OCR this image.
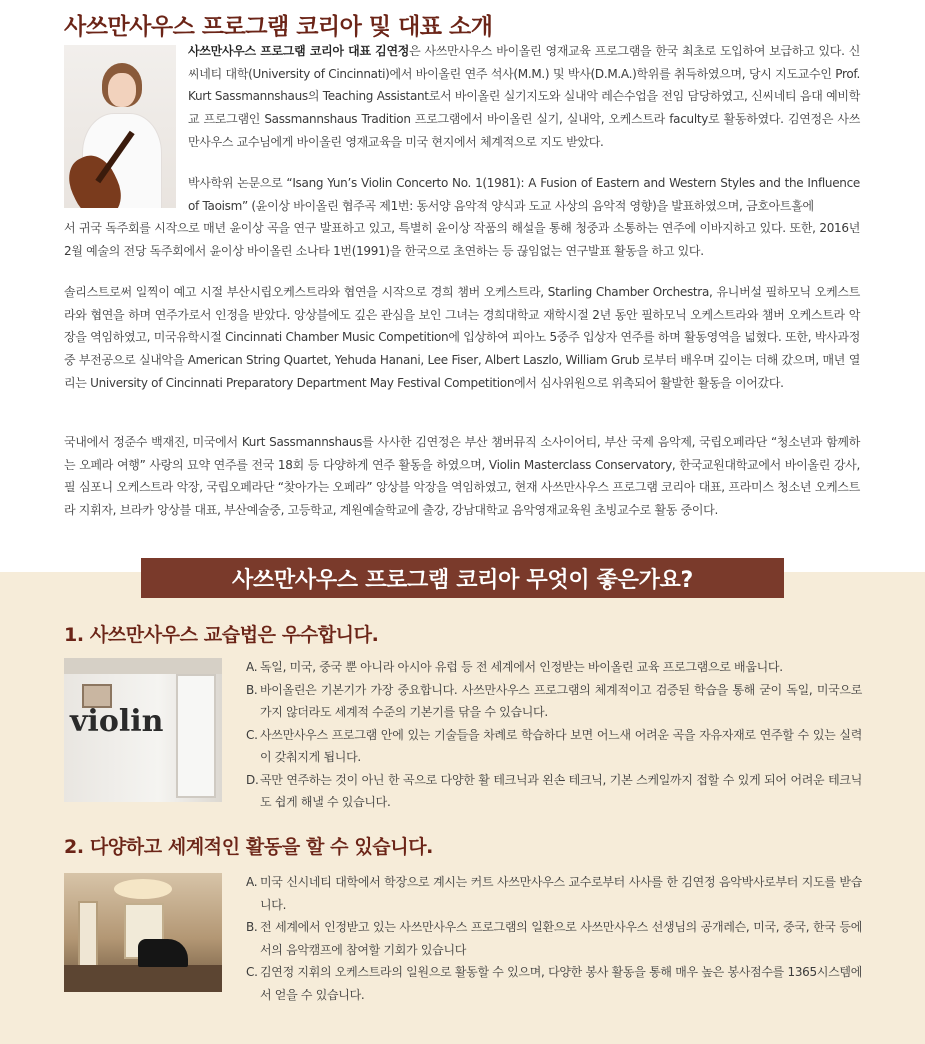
사쓰만사우스 프로그램 코리아 및 대표 소개
사쓰만사우스 프로그램 코리아 대표 김연정은 사쓰만사우스 바이올린 영재교육 프로그램을 한국 최초로 도입하여 보급하고 있다. 신씨네티 대학(University of Cincinnati)에서 바이올린 연주 석사(M.M.) 및 박사(D.M.A.)학위를 취득하였으며, 당시 지도교수인 Prof. Kurt Sassmannshaus의 Teaching Assistant로서 바이올린 실기지도와 실내악 레슨수업을 전임 담당하였고, 신씨네티 음대 예비학교 프로그램인 Sassmannshaus Tradition 프로그램에서 바이올린 실기, 실내악, 오케스트라 faculty로 활동하였다. 김연정은 사쓰만사우스 교수님에게 바이올린 영재교육을 미국 현지에서 체계적으로 지도 받았다.
박사학위 논문으로 “Isang Yun’s Violin Concerto No. 1(1981): A Fusion of Eastern and Western Styles and the Influence of Taoism” (윤이상 바이올린 협주곡 제1번: 동서양 음악적 양식과 도교 사상의 음악적 영향)을 발표하였으며, 금호아트홀에
서 귀국 독주회를 시작으로 매년 윤이상 곡을 연구 발표하고 있고, 특별히 윤이상 작품의 해설을 통해 청중과 소통하는 연주에 이바지하고 있다. 또한, 2016년 2월 예술의 전당 독주회에서 윤이상 바이올린 소나타 1번(1991)을 한국으로 초연하는 등 끊임없는 연구발표 활동을 하고 있다.
솔리스트로써 일찍이 예고 시절 부산시립오케스트라와 협연을 시작으로 경희 챔버 오케스트라, Starling Chamber Orchestra, 유니버설 필하모닉 오케스트라와 협연을 하며 연주가로서 인정을 받았다. 앙상블에도 깊은 관심을 보인 그녀는 경희대학교 재학시절 2년 동안 필하모닉 오케스트라와 챔버 오케스트라 악장을 역임하였고, 미국유학시절 Cincinnati Chamber Music Competition에 입상하여 피아노 5중주 입상자 연주를 하며 활동영역을 넓혔다. 또한, 박사과정 중 부전공으로 실내악을 American String Quartet, Yehuda Hanani, Lee Fiser, Albert Laszlo, William Grub 로부터 배우며 깊이는 더해 갔으며, 매년 열리는 University of Cincinnati Preparatory Department May Festival Competition에서 심사위원으로 위촉되어 활발한 활동을 이어갔다.
국내에서 정준수 백재진, 미국에서 Kurt Sassmannshaus를 사사한 김연정은 부산 챔버뮤직 소사이어티, 부산 국제 음악제, 국립오페라단 “청소년과 함께하는 오페라 여행” 사랑의 묘약 연주를 전국 18회 등 다양하게 연주 활동을 하였으며, Violin Masterclass Conservatory, 한국교원대학교에서 바이올린 강사, 필 심포니 오케스트라 악장, 국립오페라단 “찾아가는 오페라” 앙상블 악장을 역임하였고, 현재 사쓰만사우스 프로그램 코리아 대표, 프라미스 청소년 오케스트라 지휘자, 브라카 앙상블 대표, 부산예술중, 고등학교, 계원예술학교에 출강, 강남대학교 음악영재교육원 초빙교수로 활동 중이다.
사쓰만사우스 프로그램 코리아 무엇이 좋은가요?
1. 사쓰만사우스 교습법은 우수합니다.
violin
A. 독일, 미국, 중국 뿐 아니라 아시아 유럽 등 전 세계에서 인정받는 바이올린 교육 프로그램으로 배웁니다.
B. 바이올린은 기본기가 가장 중요합니다. 사쓰만사우스 프로그램의 체계적이고 검증된 학습을 통해 굳이 독일, 미국으로 가지 않더라도 세계적 수준의 기본기를 닦을 수 있습니다.
C. 사쓰만사우스 프로그램 안에 있는 기술들을 차례로 학습하다 보면 어느새 어려운 곡을 자유자재로 연주할 수 있는 실력이 갖춰지게 됩니다.
D. 곡만 연주하는 것이 아닌 한 곡으로 다양한 활 테크닉과 왼손 테크닉, 기본 스케일까지 접할 수 있게 되어 어려운 테크닉도 쉽게 해낼 수 있습니다.
2. 다양하고 세계적인 활동을 할 수 있습니다.
A. 미국 신시네티 대학에서 학장으로 계시는 커트 사쓰만사우스 교수로부터 사사를 한 김연정 음악박사로부터 지도를 받습니다.
B. 전 세계에서 인정받고 있는 사쓰만사우스 프로그램의 일환으로 사쓰만사우스 선생님의 공개레슨, 미국, 중국, 한국 등에서의 음악캠프에 참여할 기회가 있습니다
C. 김연정 지휘의 오케스트라의 일원으로 활동할 수 있으며, 다양한 봉사 활동을 통해 매우 높은 봉사점수를 1365시스템에서 얻을 수 있습니다.
